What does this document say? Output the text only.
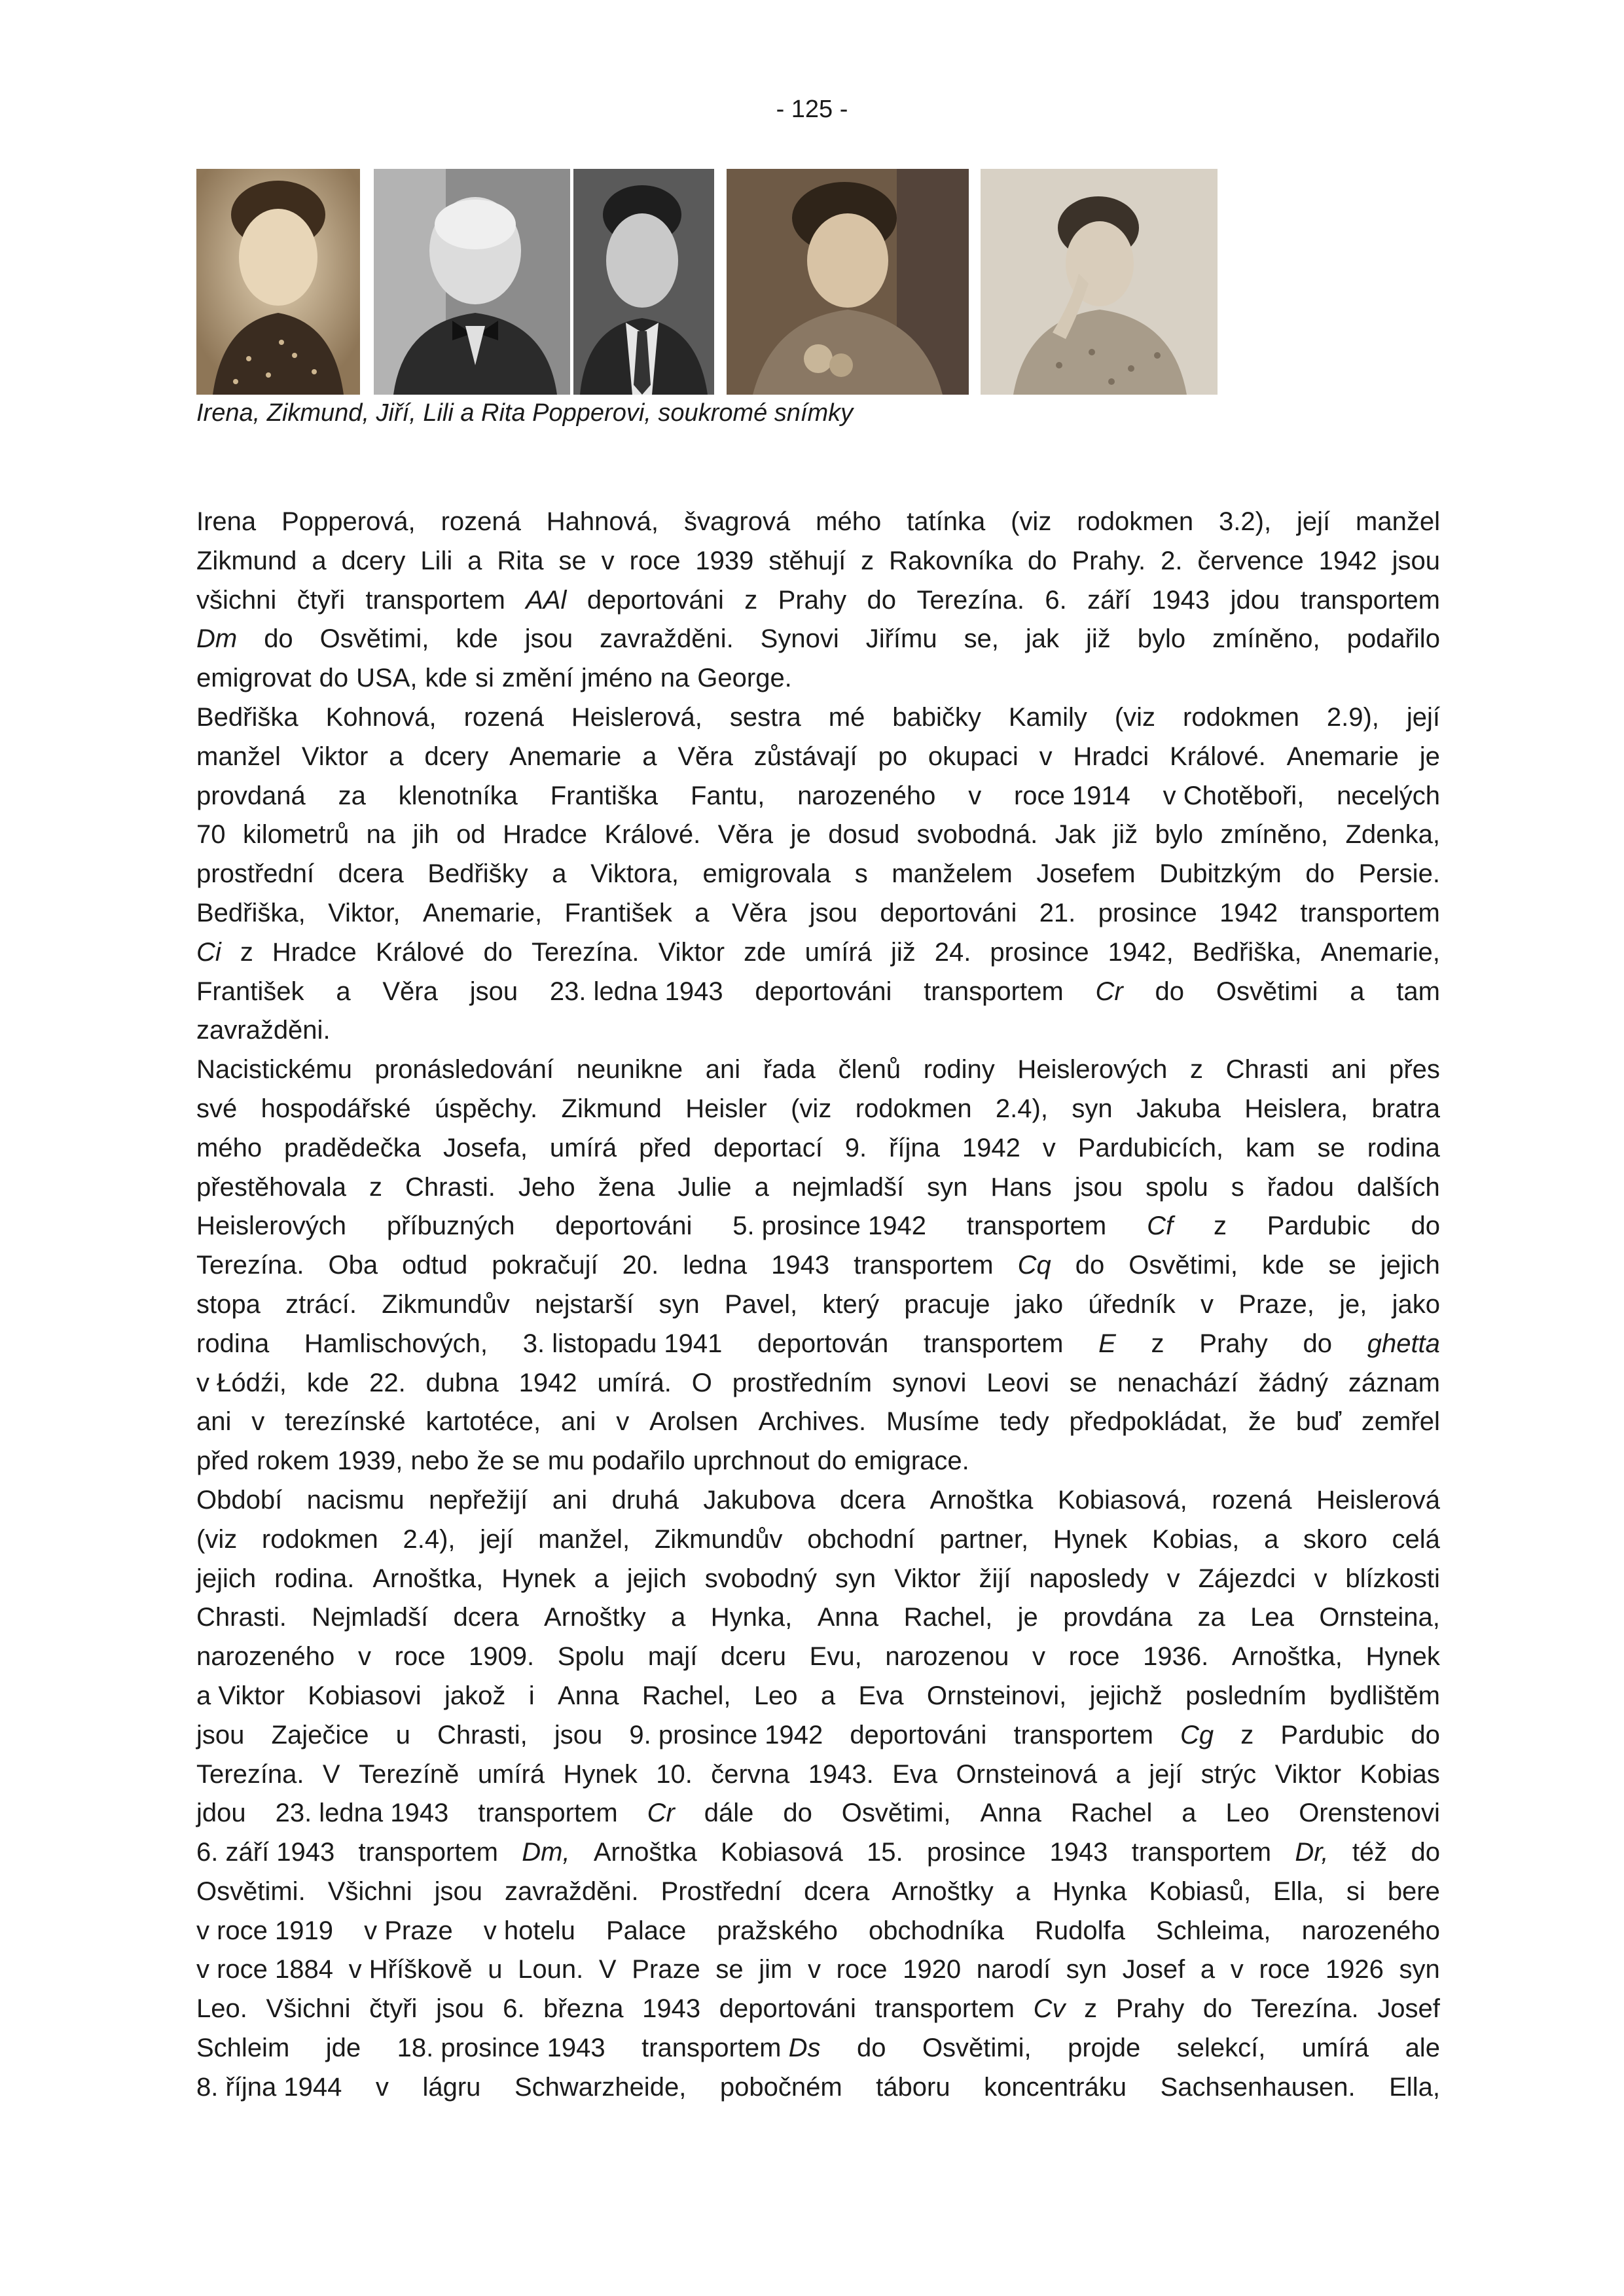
- 125 -
Irena, Zikmund, Jiří, Lili a Rita Popperovi, soukromé snímky
Irena Popperová, rozená Hahnová, švagrová mého tatínka (viz rodokmen 3.2), její manžel
Zikmund a dcery Lili a Rita se v roce 1939 stěhují z Rakovníka do Prahy. 2. července 1942 jsou
všichni čtyři transportem AAl deportováni z Prahy do Terezína. 6. září 1943 jdou transportem
Dm do Osvětimi, kde jsou zavražděni. Synovi Jiřímu se, jak již bylo zmíněno, podařilo
emigrovat do USA, kde si změní jméno na George.
Bedřiška Kohnová, rozená Heislerová, sestra mé babičky Kamily (viz rodokmen 2.9), její
manžel Viktor a dcery Anemarie a Věra zůstávají po okupaci v Hradci Králové. Anemarie je
provdaná za klenotníka Františka Fantu, narozeného v roce 1914 v Chotěboři, necelých
70 kilometrů na jih od Hradce Králové. Věra je dosud svobodná. Jak již bylo zmíněno, Zdenka,
prostřední dcera Bedřišky a Viktora, emigrovala s manželem Josefem Dubitzkým do Persie.
Bedřiška, Viktor, Anemarie, František a Věra jsou deportováni 21. prosince 1942 transportem
Ci z Hradce Králové do Terezína. Viktor zde umírá již 24. prosince 1942, Bedřiška, Anemarie,
František a Věra jsou 23. ledna 1943 deportováni transportem Cr do Osvětimi a tam
zavražděni.
Nacistickému pronásledování neunikne ani řada členů rodiny Heislerových z Chrasti ani přes
své hospodářské úspěchy. Zikmund Heisler (viz rodokmen 2.4), syn Jakuba Heislera, bratra
mého pradědečka Josefa, umírá před deportací 9. října 1942 v Pardubicích, kam se rodina
přestěhovala z Chrasti. Jeho žena Julie a nejmladší syn Hans jsou spolu s řadou dalších
Heislerových příbuzných deportováni 5. prosince 1942 transportem Cf z Pardubic do
Terezína. Oba odtud pokračují 20. ledna 1943 transportem Cq do Osvětimi, kde se jejich
stopa ztrácí. Zikmundův nejstarší syn Pavel, který pracuje jako úředník v Praze, je, jako
rodina Hamlischových, 3. listopadu 1941 deportován transportem E z Prahy do ghetta
v Łódźi, kde 22. dubna 1942 umírá. O prostředním synovi Leovi se nenachází žádný záznam
ani v terezínské kartotéce, ani v Arolsen Archives. Musíme tedy předpokládat, že buď zemřel
před rokem 1939, nebo že se mu podařilo uprchnout do emigrace.
Období nacismu nepřežijí ani druhá Jakubova dcera Arnoštka Kobiasová, rozená Heislerová
(viz rodokmen 2.4), její manžel, Zikmundův obchodní partner, Hynek Kobias, a skoro celá
jejich rodina. Arnoštka, Hynek a jejich svobodný syn Viktor žijí naposledy v Zájezdci v blízkosti
Chrasti. Nejmladší dcera Arnoštky a Hynka, Anna Rachel, je provdána za Lea Ornsteina,
narozeného v roce 1909. Spolu mají dceru Evu, narozenou v roce 1936. Arnoštka, Hynek
a Viktor Kobiasovi jakož i Anna Rachel, Leo a Eva Ornsteinovi, jejichž posledním bydlištěm
jsou Zaječice u Chrasti, jsou 9. prosince 1942 deportováni transportem Cg z Pardubic do
Terezína. V Terezíně umírá Hynek 10. června 1943. Eva Ornsteinová a její strýc Viktor Kobias
jdou 23. ledna 1943 transportem Cr dále do Osvětimi, Anna Rachel a Leo Orenstenovi
6. září 1943 transportem Dm, Arnoštka Kobiasová 15. prosince 1943 transportem Dr, též do
Osvětimi. Všichni jsou zavražděni. Prostřední dcera Arnoštky a Hynka Kobiasů, Ella, si bere
v roce 1919 v Praze v hotelu Palace pražského obchodníka Rudolfa Schleima, narozeného
v roce 1884 v Hříškově u Loun. V Praze se jim v roce 1920 narodí syn Josef a v roce 1926 syn
Leo. Všichni čtyři jsou 6. března 1943 deportováni transportem Cv z Prahy do Terezína. Josef
Schleim jde 18. prosince 1943 transportem Ds do Osvětimi, projde selekcí, umírá ale
8. října 1944 v lágru Schwarzheide, pobočném táboru koncentráku Sachsenhausen. Ella,
